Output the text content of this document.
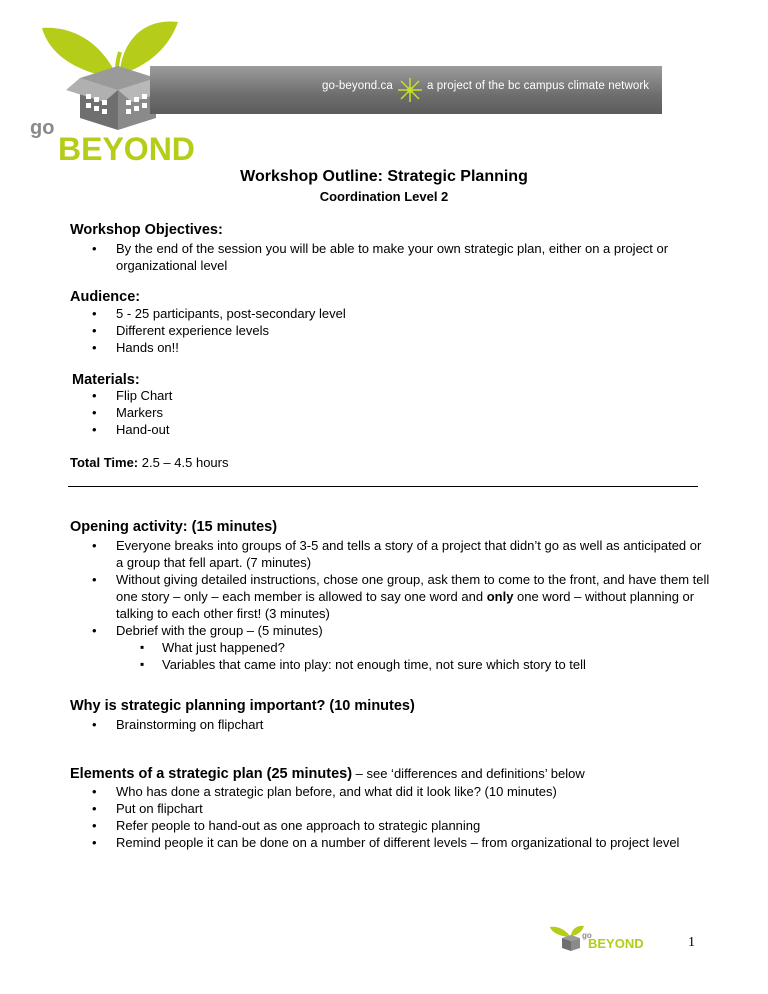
go
BEYOND
go-beyond.ca	a project of the bc campus climate network
Workshop Outline: Strategic Planning
Coordination Level 2
Workshop Objectives:
• By the end of the session you will be able to make your own strategic plan, either on a project or organizational level
Audience:
• 5 - 25 participants, post-secondary level
• Different experience levels
• Hands on!!
Materials:
• Flip Chart
• Markers
• Hand-out
Total Time: 2.5 – 4.5 hours
Opening activity: (15 minutes)
• Everyone breaks into groups of 3-5 and tells a story of a project that didn’t go as well as anticipated or a group that fell apart. (7 minutes)
• Without giving detailed instructions, chose one group, ask them to come to the front, and have them tell one story – only – each member is allowed to say one word and only one word – without planning or talking to each other first! (3 minutes)
• Debrief with the group – (5 minutes)
▪ What just happened?
▪ Variables that came into play: not enough time, not sure which story to tell
Why is strategic planning important? (10 minutes)
• Brainstorming on flipchart
Elements of a strategic plan (25 minutes) – see ‘differences and definitions’ below
• Who has done a strategic plan before, and what did it look like? (10 minutes)
• Put on flipchart
• Refer people to hand-out as one approach to strategic planning
• Remind people it can be done on a number of different levels – from organizational to project level
go
BEYOND	1
